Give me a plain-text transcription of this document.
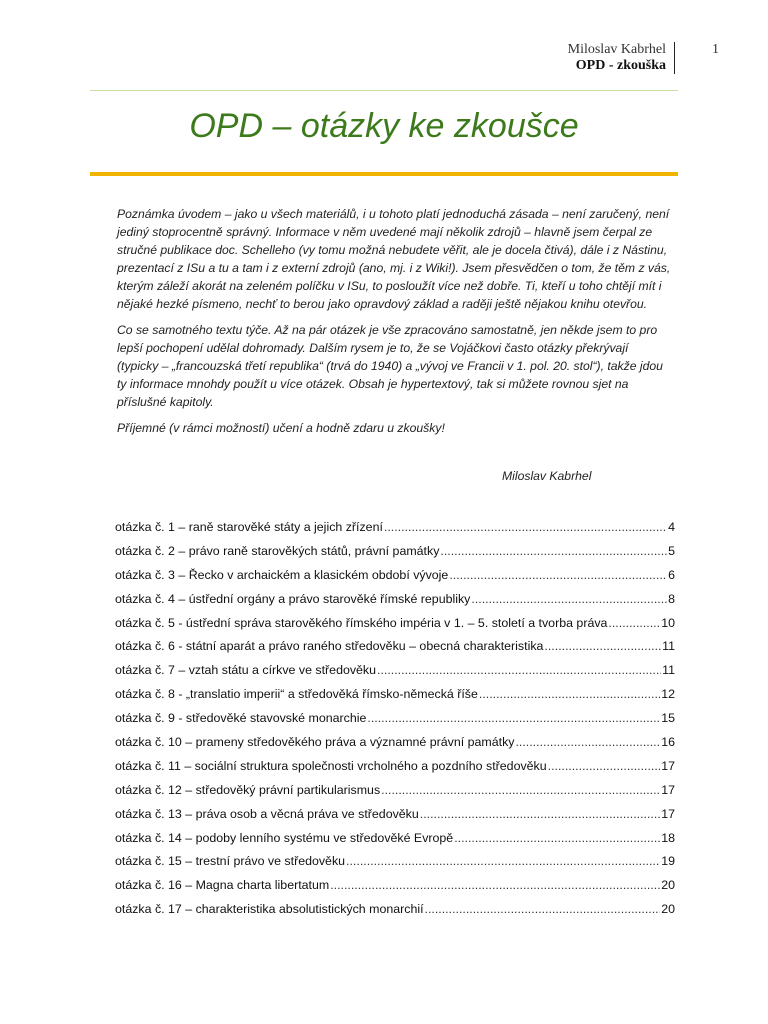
Miloslav Kabrhel
OPD - zkouška
1
OPD – otázky ke zkoušce

Poznámka úvodem – jako u všech materiálů, i u tohoto platí jednoduchá zásada – není zaručený, není jediný stoprocentně správný. Informace v něm uvedené mají několik zdrojů – hlavně jsem čerpal ze stručné publikace doc. Schelleho (vy tomu možná nebudete věřit, ale je docela čtivá), dále i z Nástinu, prezentací z ISu a tu a tam i z externí zdrojů (ano, mj. i z Wiki!). Jsem přesvědčen o tom, že těm z vás, kterým záleží akorát na zeleném políčku v ISu, to posloužít více než dobře. Ti, kteří u toho chtějí mít i nějaké hezké písmeno, nechť to berou jako opravdový základ a raději ještě nějakou knihu otevřou.

Co se samotného textu týče. Až na pár otázek je vše zpracováno samostatně, jen někde jsem to pro lepší pochopení udělal dohromady. Dalším rysem je to, že se Vojáčkovi často otázky překrývají (typicky – „francouzská třetí republika“ (trvá do 1940) a „vývoj ve Francii v 1. pol. 20. stol“), takže jdou ty informace mnohdy použít u více otázek. Obsah je hypertextový, tak si můžete rovnou sjet na příslušné kapitoly.

Příjemné (v rámci možností) učení a hodně zdaru u zkoušky!

Miloslav Kabrhel
otázka č. 1 – raně starověké státy a jejich zřízení .....	4
otázka č. 2 – právo raně starověkých států, právní památky .....	5
otázka č. 3 – Řecko v archaickém a klasickém období vývoje .....	6
otázka č. 4 – ústřední orgány a právo starověké římské republiky .....	8
otázka č. 5 - ústřední správa starověkého římského impéria v 1. – 5. století a tvorba práva .....	10
otázka č. 6 - státní aparát a právo raného středověku – obecná charakteristika .....	11
otázka č. 7 – vztah státu a církve ve středověku .....	11
otázka č. 8 - „translatio imperii“ a středověká římsko-německá říše .....	12
otázka č. 9 - středověké stavovské monarchie .....	15
otázka č. 10 – prameny středověkého práva a významné právní památky .....	16
otázka č. 11 – sociální struktura společnosti vrcholného a pozdního středověku .....	17
otázka č. 12 – středověký právní partikularismus .....	17
otázka č. 13 – práva osob a věcná práva ve středověku .....	17
otázka č. 14 – podoby lenního systému ve středověké Evropě .....	18
otázka č. 15 – trestní právo ve středověku .....	19
otázka č. 16 – Magna charta libertatum .....	20
otázka č. 17 – charakteristika absolutistických monarchií .....	20
